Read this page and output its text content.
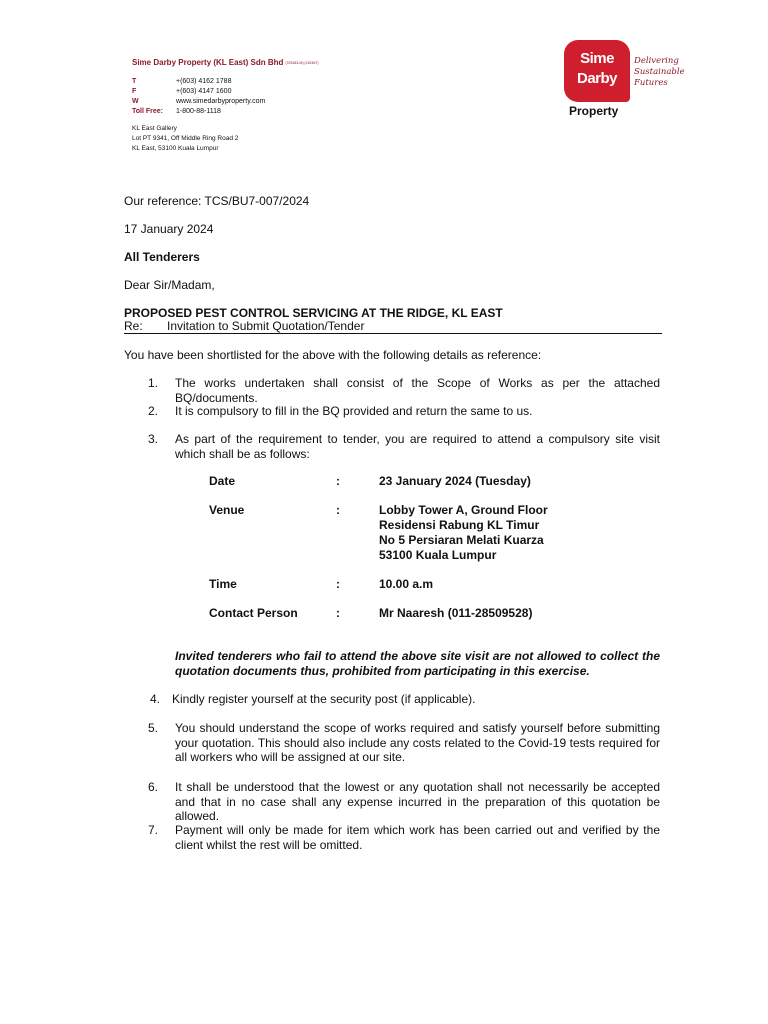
Sime Darby Property (KL East) Sdn Bhd (378183-M) (152467)
T	+(603) 4162 1788
F	+(603) 4147 1600
W	www.simedarbyproperty.com
Toll Free: 1-800-88-1118
KL East Gallery
Lot PT 9341, Off Middle Ring Road 2
KL East, 53100 Kuala Lumpur
Sime
Darby
Delivering
Sustainable
Futures
Property
Our reference: TCS/BU7-007/2024
17 January 2024
All Tenderers
Dear Sir/Madam,
PROPOSED PEST CONTROL SERVICING AT THE RIDGE, KL EAST
Re: Invitation to Submit Quotation/Tender
You have been shortlisted for the above with the following details as reference:
1. The works undertaken shall consist of the Scope of Works as per the attached BQ/documents.
2. It is compulsory to fill in the BQ provided and return the same to us.
3. As part of the requirement to tender, you are required to attend a compulsory site visit which shall be as follows:
Date	:	23 January 2024 (Tuesday)
Venue	:	Lobby Tower A, Ground Floor
Residensi Rabung KL Timur
No 5 Persiaran Melati Kuarza
53100 Kuala Lumpur
Time	:	10.00 a.m
Contact Person	:	Mr Naaresh (011-28509528)
Invited tenderers who fail to attend the above site visit are not allowed to collect the quotation documents thus, prohibited from participating in this exercise.
4. Kindly register yourself at the security post (if applicable).
5. You should understand the scope of works required and satisfy yourself before submitting your quotation. This should also include any costs related to the Covid-19 tests required for all workers who will be assigned at our site.
6. It shall be understood that the lowest or any quotation shall not necessarily be accepted and that in no case shall any expense incurred in the preparation of this quotation be allowed.
7. Payment will only be made for item which work has been carried out and verified by the client whilst the rest will be omitted.
